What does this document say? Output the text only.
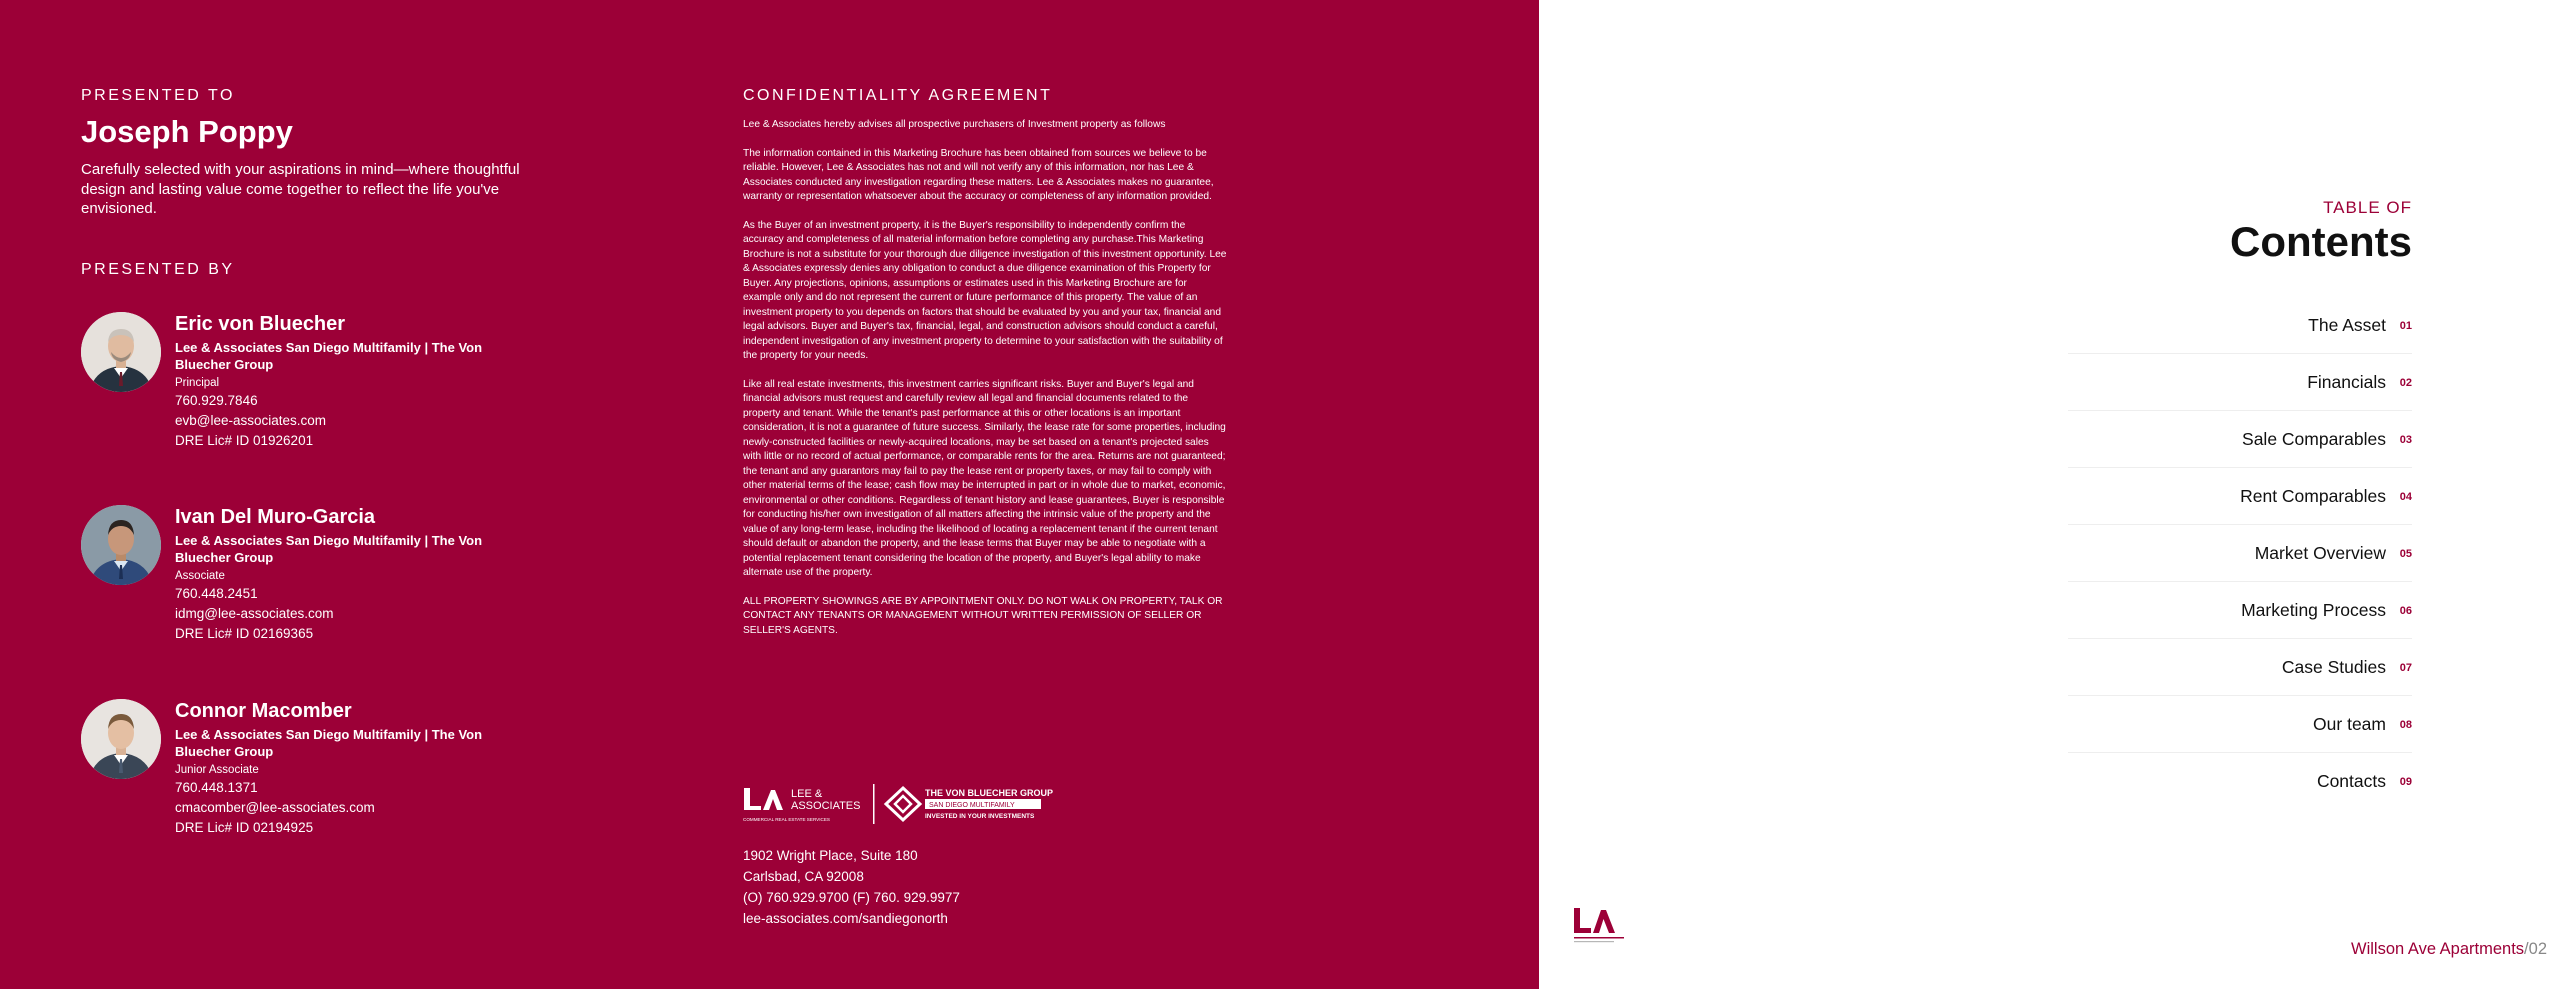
PRESENTED TO
Joseph Poppy
Carefully selected with your aspirations in mind—where thoughtful design and lasting value come together to reflect the life you've envisioned.
PRESENTED BY
Eric von Bluecher
Lee & Associates San Diego Multifamily | The Von Bluecher Group
Principal
760.929.7846
evb@lee-associates.com
DRE Lic# ID 01926201
Ivan Del Muro-Garcia
Lee & Associates San Diego Multifamily | The Von Bluecher Group
Associate
760.448.2451
idmg@lee-associates.com
DRE Lic# ID 02169365
Connor Macomber
Lee & Associates San Diego Multifamily | The Von Bluecher Group
Junior Associate
760.448.1371
cmacomber@lee-associates.com
DRE Lic# ID 02194925
CONFIDENTIALITY AGREEMENT

Lee & Associates hereby advises all prospective purchasers of Investment property as follows

The information contained in this Marketing Brochure has been obtained from sources we believe to be reliable. However, Lee & Associates has not and will not verify any of this information, nor has Lee & Associates conducted any investigation regarding these matters. Lee & Associates makes no guarantee, warranty or representation whatsoever about the accuracy or completeness of any information provided.

As the Buyer of an investment property, it is the Buyer's responsibility to independently confirm the accuracy and completeness of all material information before completing any purchase.This Marketing Brochure is not a substitute for your thorough due diligence investigation of this investment opportunity. Lee & Associates expressly denies any obligation to conduct a due diligence examination of this Property for Buyer. Any projections, opinions, assumptions or estimates used in this Marketing Brochure are for example only and do not represent the current or future performance of this property. The value of an investment property to you depends on factors that should be evaluated by you and your tax, financial and legal advisors. Buyer and Buyer's tax, financial, legal, and construction advisors should conduct a careful, independent investigation of any investment property to determine to your satisfaction with the suitability of the property for your needs.

Like all real estate investments, this investment carries significant risks. Buyer and Buyer's legal and financial advisors must request and carefully review all legal and financial documents related to the property and tenant. While the tenant's past performance at this or other locations is an important consideration, it is not a guarantee of future success. Similarly, the lease rate for some properties, including newly-constructed facilities or newly-acquired locations, may be set based on a tenant's projected sales with little or no record of actual performance, or comparable rents for the area. Returns are not guaranteed; the tenant and any guarantors may fail to pay the lease rent or property taxes, or may fail to comply with other material terms of the lease; cash flow may be interrupted in part or in whole due to market, economic, environmental or other conditions. Regardless of tenant history and lease guarantees, Buyer is responsible for conducting his/her own investigation of all matters affecting the intrinsic value of the property and the value of any long-term lease, including the likelihood of locating a replacement tenant if the current tenant should default or abandon the property, and the lease terms that Buyer may be able to negotiate with a potential replacement tenant considering the location of the property, and Buyer's legal ability to make alternate use of the property.

ALL PROPERTY SHOWINGS ARE BY APPOINTMENT ONLY. DO NOT WALK ON PROPERTY, TALK OR CONTACT ANY TENANTS OR MANAGEMENT WITHOUT WRITTEN PERMISSION OF SELLER OR SELLER'S AGENTS.

LEE &
ASSOCIATES
COMMERCIAL REAL ESTATE SERVICES
THE VON BLUECHER GROUP
SAN DIEGO MULTIFAMILY
INVESTED IN YOUR INVESTMENTS
1902 Wright Place, Suite 180
Carlsbad, CA 92008
(O) 760.929.9700 (F) 760. 929.9977
lee-associates.com/sandiegonorth
TABLE OF
Contents
The Asset	01
Financials	02
Sale Comparables	03
Rent Comparables	04
Market Overview	05
Marketing Process	06
Case Studies	07
Our team	08
Contacts	09
Willson Ave Apartments/02
